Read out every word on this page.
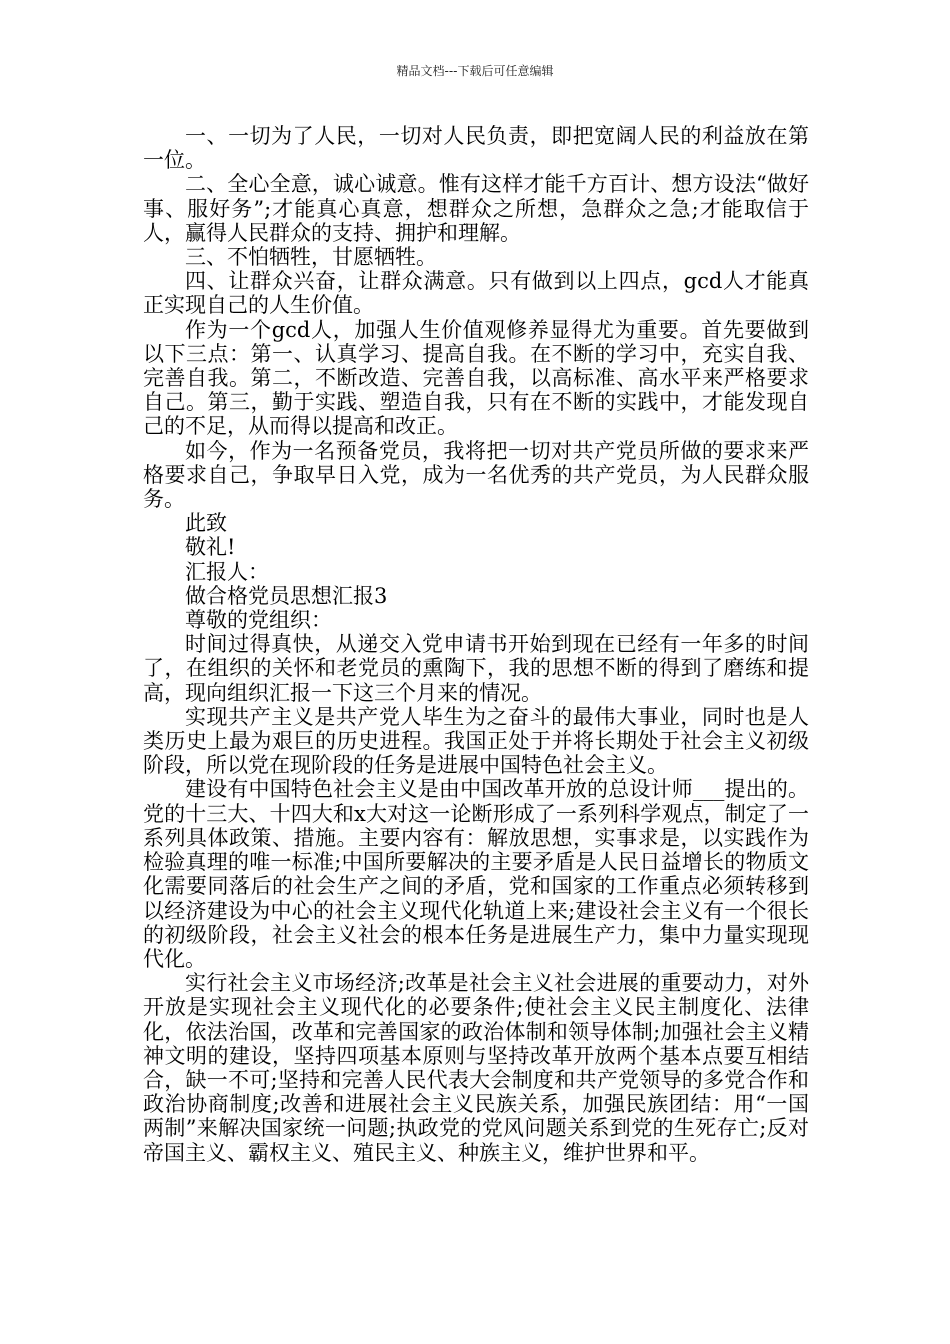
精品文档---下载后可任意编辑

一、一切为了人民，一切对人民负责，即把宽阔人民的利益放在第一位。

二、全心全意，诚心诚意。惟有这样才能千方百计、想方设法“做好事、服好务”;才能真心真意，想群众之所想，急群众之急;才能取信于人，赢得人民群众的支持、拥护和理解。

三、不怕牺牲，甘愿牺牲。

四、让群众兴奋，让群众满意。只有做到以上四点，gcd人才能真正实现自己的人生价值。

作为一个gcd人，加强人生价值观修养显得尤为重要。首先要做到以下三点：第一、认真学习、提高自我。在不断的学习中，充实自我、完善自我。第二，不断改造、完善自我，以高标准、高水平来严格要求自己。第三，勤于实践、塑造自我，只有在不断的实践中，才能发现自己的不足，从而得以提高和改正。

如今，作为一名预备党员，我将把一切对共产党员所做的要求来严格要求自己，争取早日入党，成为一名优秀的共产党员，为人民群众服务。

此致

敬礼!

汇报人：

做合格党员思想汇报3

尊敬的党组织：

时间过得真快，从递交入党申请书开始到现在已经有一年多的时间了，在组织的关怀和老党员的熏陶下，我的思想不断的得到了磨练和提高，现向组织汇报一下这三个月来的情况。

实现共产主义是共产党人毕生为之奋斗的最伟大事业，同时也是人类历史上最为艰巨的历史进程。我国正处于并将长期处于社会主义初级阶段，所以党在现阶段的任务是进展中国特色社会主义。

建设有中国特色社会主义是由中国改革开放的总设计师___提出的。党的十三大、十四大和x大对这一论断形成了一系列科学观点，制定了一系列具体政策、措施。主要内容有：解放思想，实事求是，以实践作为检验真理的唯一标准;中国所要解决的主要矛盾是人民日益增长的物质文化需要同落后的社会生产之间的矛盾，党和国家的工作重点必须转移到以经济建设为中心的社会主义现代化轨道上来;建设社会主义有一个很长的初级阶段，社会主义社会的根本任务是进展生产力，集中力量实现现代化。

实行社会主义市场经济;改革是社会主义社会进展的重要动力，对外开放是实现社会主义现代化的必要条件;使社会主义民主制度化、法律化，依法治国，改革和完善国家的政治体制和领导体制;加强社会主义精神文明的建设，坚持四项基本原则与坚持改革开放两个基本点要互相结合，缺一不可;坚持和完善人民代表大会制度和共产党领导的多党合作和政治协商制度;改善和进展社会主义民族关系，加强民族团结：用“一国两制”来解决国家统一问题;执政党的党风问题关系到党的生死存亡;反对帝国主义、霸权主义、殖民主义、种族主义，维护世界和平。
